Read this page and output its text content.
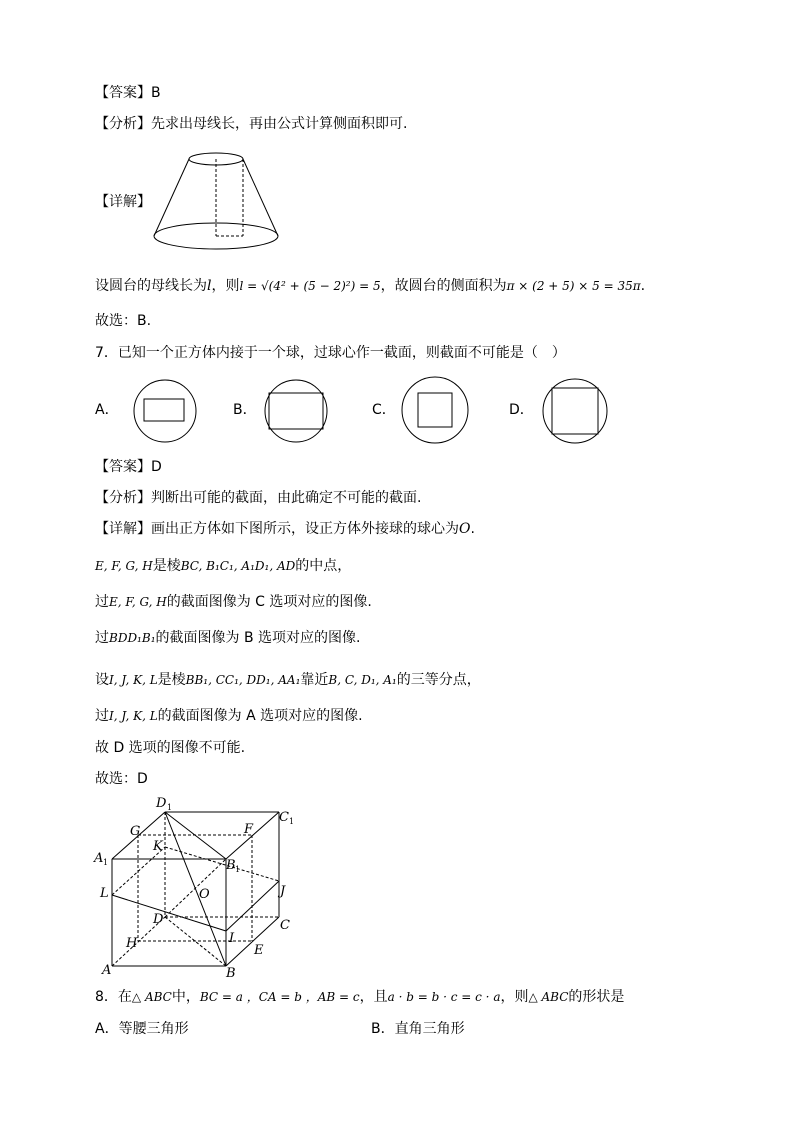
【答案】B
【分析】先求出母线长，再由公式计算侧面积即可.
【详解】
设圆台的母线长为l，则l = √(4² + (5 − 2)²) = 5，故圆台的侧面积为π × (2 + 5) × 5 = 35π.
故选：B.
7．已知一个正方体内接于一个球，过球心作一截面，则截面不可能是（　）
A．	B．	C．	D．
【答案】D
【分析】判断出可能的截面，由此确定不可能的截面.
【详解】画出正方体如下图所示，设正方体外接球的球心为O.
E, F, G, H是棱BC, B₁C₁, A₁D₁, AD的中点，
过E, F, G, H的截面图像为 C 选项对应的图像.
过BDD₁B₁的截面图像为 B 选项对应的图像.
设I, J, K, L是棱BB₁, CC₁, DD₁, AA₁靠近B, C, D₁, A₁的三等分点，
过I, J, K, L的截面图像为 A 选项对应的图像.
故 D 选项的图像不可能.
故选：D
D 1
C 1
G	F
K
A 1	B 1
L	O	J
D	C
H	I
E
A	B
8．在△ ABC中，BC = a ，CA = b ，AB = c，且a · b = b · c = c · a，则△ ABC的形状是
A．等腰三角形	B．直角三角形
